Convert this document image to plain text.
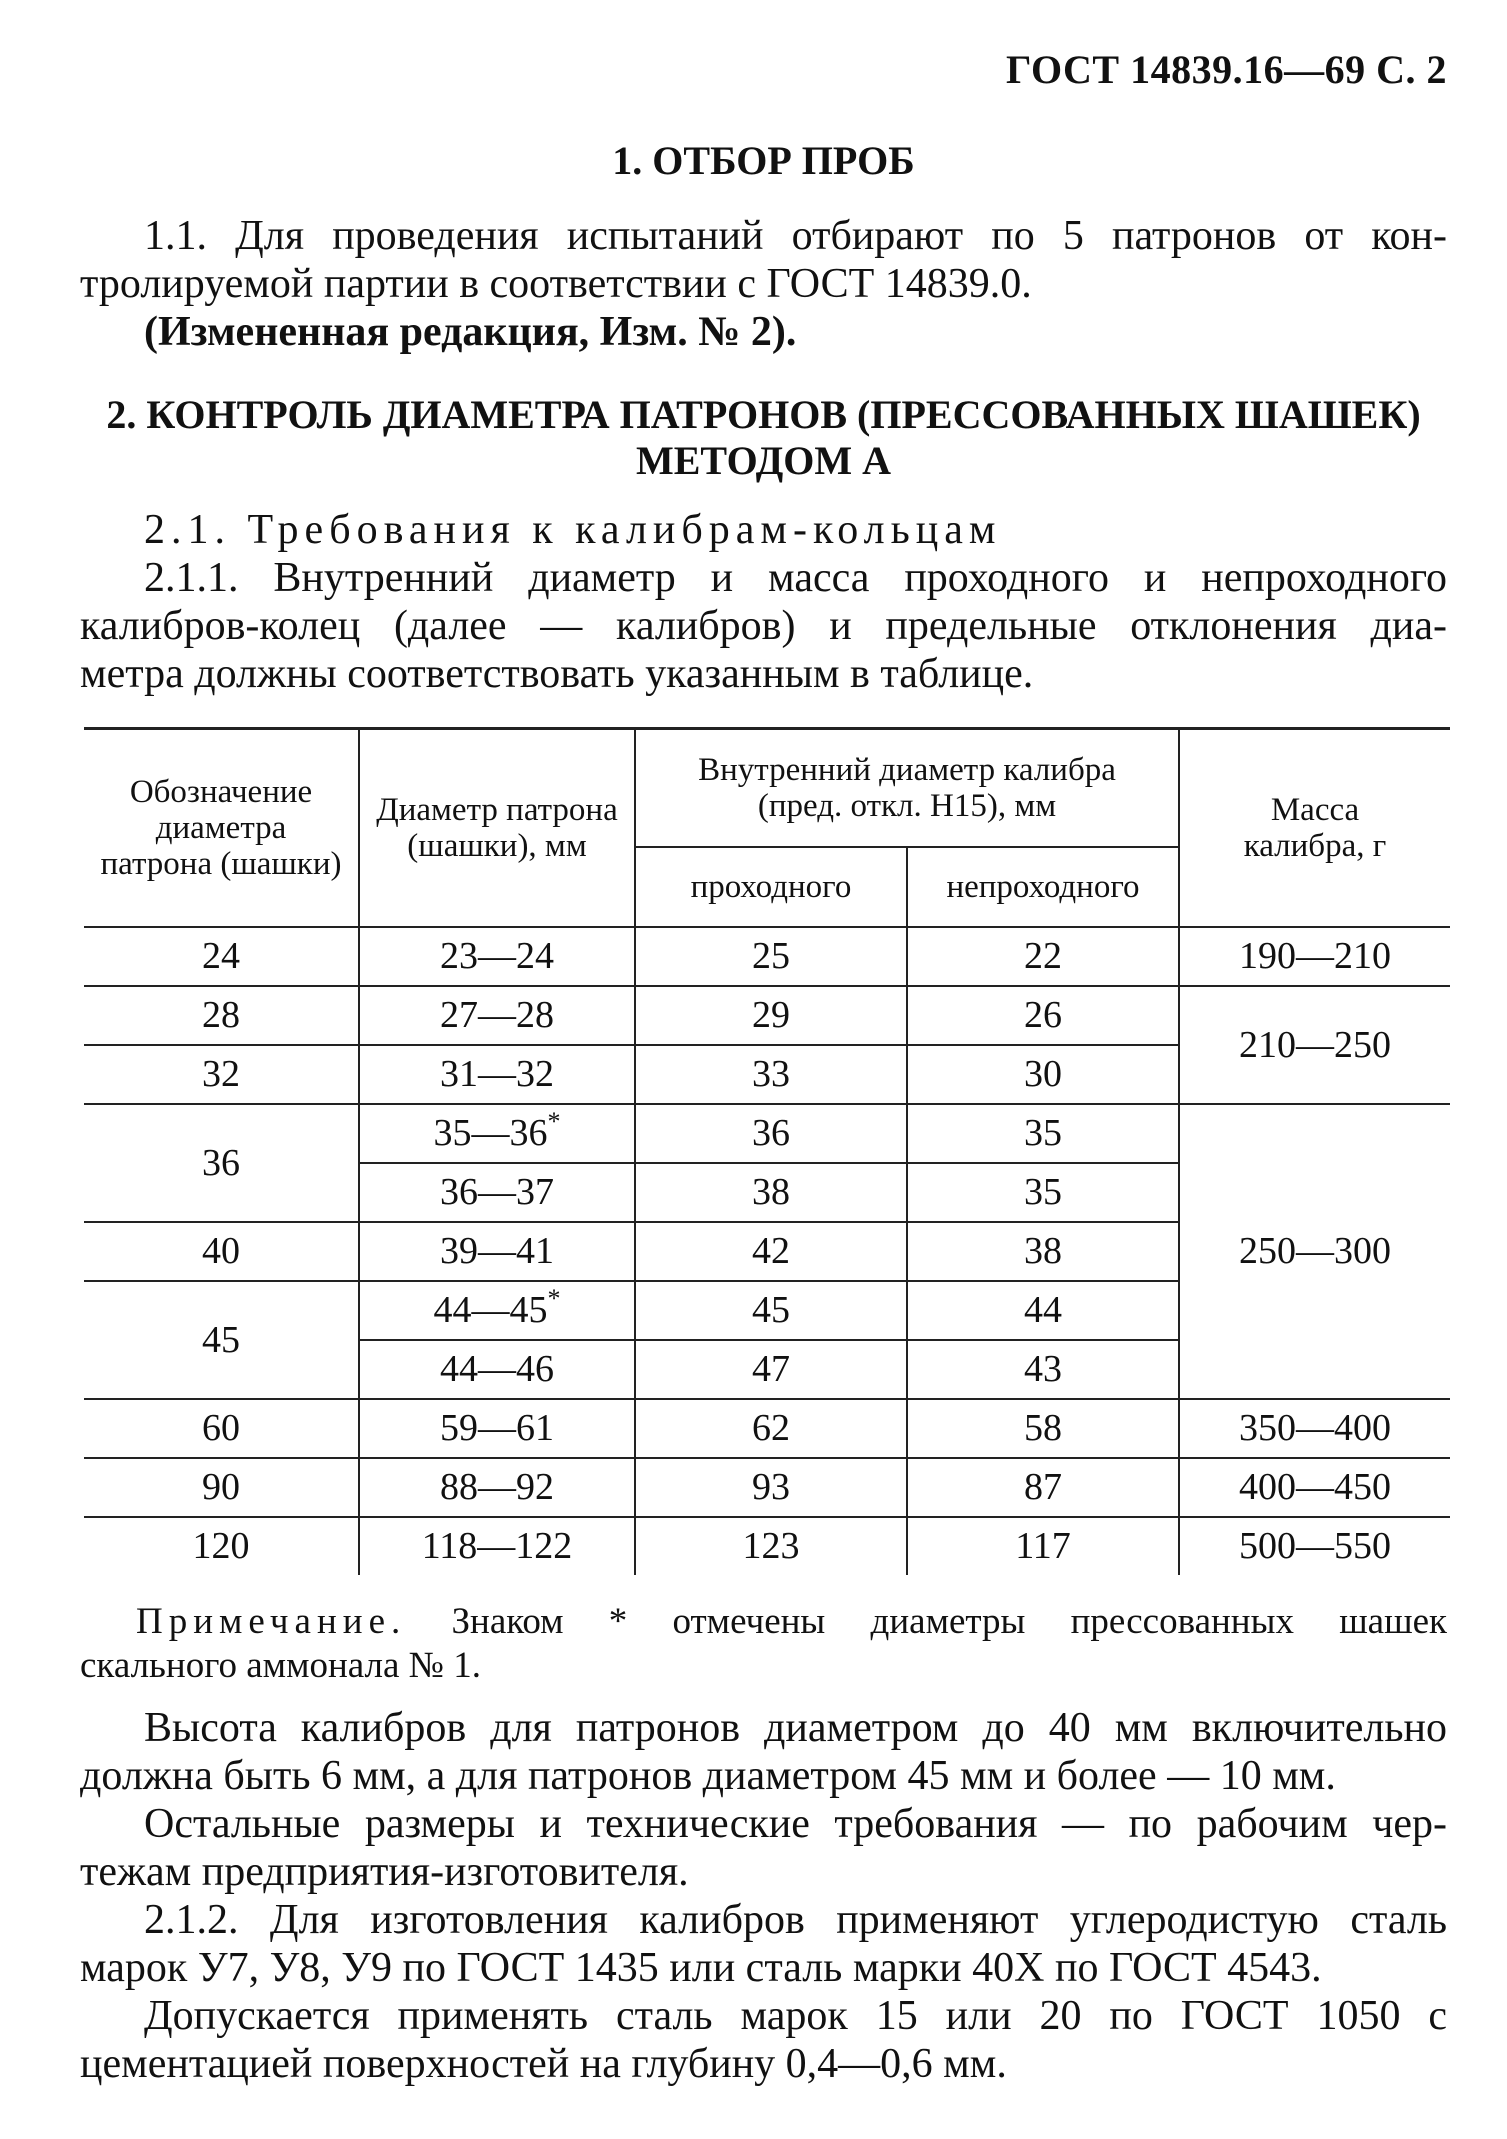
ГОСТ 14839.16—69 С. 2
1. ОТБОР ПРОБ
1.1. Для проведения испытаний отбирают по 5 патронов от кон-
тролируемой партии в соответствии с ГОСТ 14839.0.
(Измененная редакция, Изм. № 2).
2. КОНТРОЛЬ ДИАМЕТРА ПАТРОНОВ (ПРЕССОВАННЫХ ШАШЕК)
МЕТОДОМ А
2.1. Требования к калибрам-кольцам
2.1.1. Внутренний диаметр и масса проходного и непроходного
калибров-колец (далее — калибров) и предельные отклонения диа-
метра должны соответствовать указанным в таблице.
Обозначение диаметра патрона (шашки)	Диаметр патрона (шашки), мм	Внутренний диаметр калибра (пред. откл. H15), мм		Масса калибра, г
		проходного	непроходного	
24	23—24	25	22	190—210
28	27—28	29	26	210—250
32	31—32	33	30	
36	35—36*	36	35	250—300
	36—37	38	35	
40	39—41	42	38	
45	44—45*	45	44	
	44—46	47	43	
60	59—61	62	58	350—400
90	88—92	93	87	400—450
120	118—122	123	117	500—550
Примечание. Знаком * отмечены диаметры прессованных шашек
скального аммонала № 1.
Высота калибров для патронов диаметром до 40 мм включительно
должна быть 6 мм, а для патронов диаметром 45 мм и более — 10 мм.
Остальные размеры и технические требования — по рабочим чер-
тежам предприятия-изготовителя.
2.1.2. Для изготовления калибров применяют углеродистую сталь
марок У7, У8, У9 по ГОСТ 1435 или сталь марки 40Х по ГОСТ 4543.
Допускается применять сталь марок 15 или 20 по ГОСТ 1050 с
цементацией поверхностей на глубину 0,4—0,6 мм.
